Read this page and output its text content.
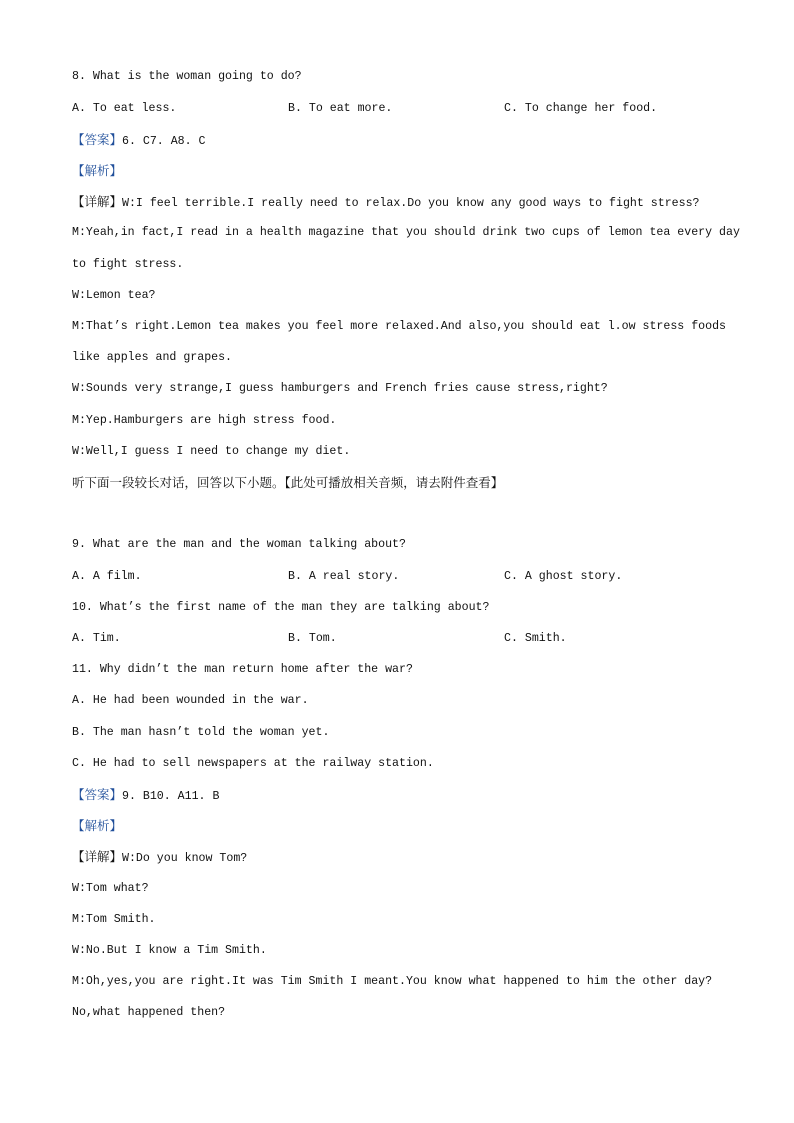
8. What is the woman going to do?
A. To eat less.	B. To eat more.	C. To change her food.
【答案】6. C7. A8. C
【解析】
【详解】W:I feel terrible.I really need to relax.Do you know any good ways to fight stress?
M:Yeah,in fact,I read in a health magazine that you should drink two cups of lemon tea every day
to fight stress.
W:Lemon tea?
M:That’s right.Lemon tea makes you feel more relaxed.And also,you should eat l.ow stress foods
like apples and grapes.
W:Sounds very strange,I guess hamburgers and French fries cause stress,right?
M:Yep.Hamburgers are high stress food.
W:Well,I guess I need to change my diet.
听下面一段较长对话，回答以下小题。【此处可播放相关音频，请去附件查看】
9. What are the man and the woman talking about?
A. A film.	B. A real story.	C. A ghost story.
10. What’s the first name of the man they are talking about?
A. Tim.	B. Tom.	C. Smith.
11. Why didn’t the man return home after the war?
A. He had been wounded in the war.
B. The man hasn’t told the woman yet.
C. He had to sell newspapers at the railway station.
【答案】9. B10. A11. B
【解析】
【详解】W:Do you know Tom?
W:Tom what?
M:Tom Smith.
W:No.But I know a Tim Smith.
M:Oh,yes,you are right.It was Tim Smith I meant.You know what happened to him the other day?
No,what happened then?
